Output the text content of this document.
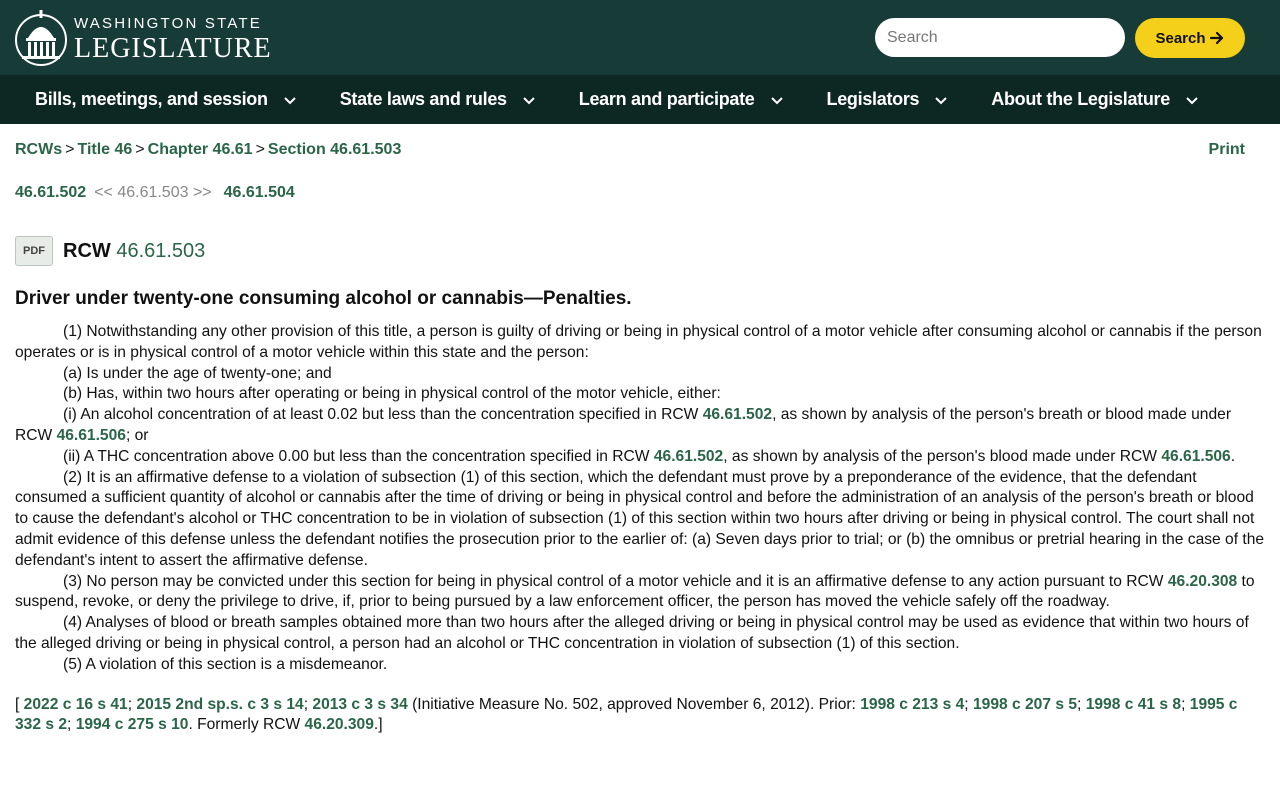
WASHINGTON STATE
LEGISLATURE
Search	Search
Bills, meetings, and session	State laws and rules	Learn and participate	Legislators	About the Legislature
RCWs > Title 46 > Chapter 46.61 > Section 46.61.503	Print
46.61.502 << 46.61.503 >> 46.61.504
PDF RCW 46.61.503
Driver under twenty-one consuming alcohol or cannabis—Penalties.

(1) Notwithstanding any other provision of this title, a person is guilty of driving or being in physical control of a motor vehicle after consuming alcohol or cannabis if the person operates or is in physical control of a motor vehicle within this state and the person:

(a) Is under the age of twenty-one; and

(b) Has, within two hours after operating or being in physical control of the motor vehicle, either:

(i) An alcohol concentration of at least 0.02 but less than the concentration specified in RCW 46.61.502, as shown by analysis of the person's breath or blood made under RCW 46.61.506; or

(ii) A THC concentration above 0.00 but less than the concentration specified in RCW 46.61.502, as shown by analysis of the person's blood made under RCW 46.61.506.

(2) It is an affirmative defense to a violation of subsection (1) of this section, which the defendant must prove by a preponderance of the evidence, that the defendant consumed a sufficient quantity of alcohol or cannabis after the time of driving or being in physical control and before the administration of an analysis of the person's breath or blood to cause the defendant's alcohol or THC concentration to be in violation of subsection (1) of this section within two hours after driving or being in physical control. The court shall not admit evidence of this defense unless the defendant notifies the prosecution prior to the earlier of: (a) Seven days prior to trial; or (b) the omnibus or pretrial hearing in the case of the defendant's intent to assert the affirmative defense.

(3) No person may be convicted under this section for being in physical control of a motor vehicle and it is an affirmative defense to any action pursuant to RCW 46.20.308 to suspend, revoke, or deny the privilege to drive, if, prior to being pursued by a law enforcement officer, the person has moved the vehicle safely off the roadway.

(4) Analyses of blood or breath samples obtained more than two hours after the alleged driving or being in physical control may be used as evidence that within two hours of the alleged driving or being in physical control, a person had an alcohol or THC concentration in violation of subsection (1) of this section.

(5) A violation of this section is a misdemeanor.

[ 2022 c 16 s 41; 2015 2nd sp.s. c 3 s 14; 2013 c 3 s 34 (Initiative Measure No. 502, approved November 6, 2012). Prior: 1998 c 213 s 4; 1998 c 207 s 5; 1998 c 41 s 8; 1995 c 332 s 2; 1994 c 275 s 10. Formerly RCW 46.20.309.]
